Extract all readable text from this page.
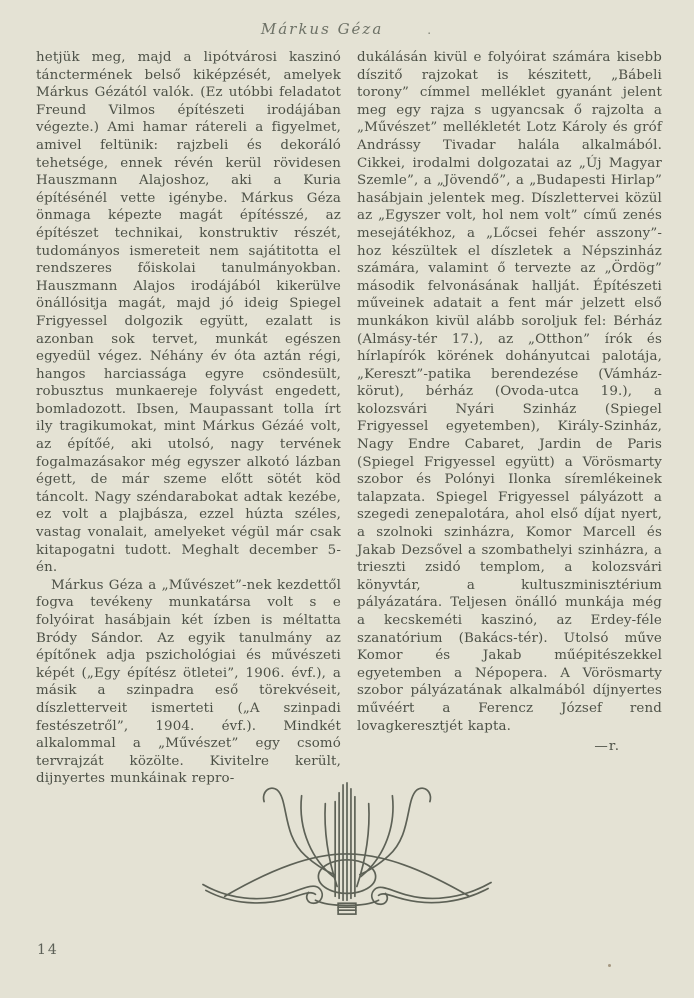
Márkus Géza	.

hetjük meg, majd a lipótvárosi kaszinó tánctermének belső kiképzését, amelyek Márkus Gézától valók. (Ez utóbbi feladatot Freund Vilmos építészeti irodájában végezte.) Ami hamar rátereli a figyelmet, amivel feltünik: rajzbeli és dekoráló tehetsége, ennek révén kerül rövidesen Hauszmann Alajoshoz, aki a Kuria építésénél vette igénybe. Márkus Géza önmaga képezte magát építésszé, az építészet technikai, konstruktiv részét, tudományos ismereteit nem sajátitotta el rendszeres főiskolai tanulmányokban. Hauszmann Alajos irodájából kikerülve önállósitja magát, majd jó ideig Spiegel Frigyessel dolgozik együtt, ezalatt is azonban sok tervet, munkát egészen egyedül végez. Néhány év óta aztán régi, hangos harciassága egyre csöndesült, robusztus munkaereje folyvást engedett, bomladozott. Ibsen, Maupassant tolla írt ily tragikumokat, mint Márkus Gézáé volt, az építőé, aki utolsó, nagy tervének fogalmazásakor még egyszer alkotó lázban égett, de már szeme előtt sötét köd táncolt. Nagy széndarabokat adtak kezébe, ez volt a plajbásza, ezzel húzta széles, vastag vonalait, amelyeket végül már csak kitapogatni tudott. Meghalt december 5-én.

Márkus Géza a „Művészet”-nek kezdettől fogva tevékeny munkatársa volt s e folyóirat hasábjain két ízben is méltatta Bródy Sándor. Az egyik tanulmány az építőnek adja pszichológiai és művészeti képét („Egy építész ötletei”, 1906. évf.), a másik a szinpadra eső törekvéseit, díszletterveit ismerteti („A szinpadi festészetről”, 1904. évf.). Mindkét alkalommal a „Művészet” egy csomó tervrajzát közölte. Kivitelre került, dijnyertes munkáinak repro-

dukálásán kivül e folyóirat számára kisebb díszitő rajzokat is készitett, „Bábeli torony” címmel melléklet gyanánt jelent meg egy rajza s ugyancsak ő rajzolta a „Művészet” mellékletét Lotz Károly és gróf Andrássy Tivadar halála alkalmából. Cikkei, irodalmi dolgozatai az „Új Magyar Szemle”, a „Jövendő”, a „Budapesti Hirlap” hasábjain jelentek meg. Díszlettervei közül az „Egyszer volt, hol nem volt” című zenés mesejátékhoz, a „Lőcsei fehér asszony”-hoz készültek el díszletek a Népszinház számára, valamint ő tervezte az „Ördög” második felvonásának hallját. Építészeti műveinek adatait a fent már jelzett első munkákon kivül alább soroljuk fel: Bérház (Almásy-tér 17.), az „Otthon” írók és hírlapírók körének dohányutcai palotája, „Kereszt”-patika berendezése (Vámház-körut), bérház (Ovoda-utca 19.), a kolozsvári Nyári Szinház (Spiegel Frigyessel egyetemben), Király-Szinház, Nagy Endre Cabaret, Jardin de Paris (Spiegel Frigyessel együtt) a Vörösmarty szobor és Polónyi Ilonka síremlékeinek talapzata. Spiegel Frigyessel pályázott a szegedi zenepalotára, ahol első díjat nyert, a szolnoki szinházra, Komor Marcell és Jakab Dezsővel a szombathelyi szinházra, a trieszti zsidó templom, a kolozsvári könyvtár, a kultuszminisztérium pályázatára. Teljesen önálló munkája még a kecskeméti kaszinó, az Erdey-féle szanatórium (Bakács-tér). Utolsó műve Komor és Jakab műépitészekkel egyetemben a Népopera. A Vörösmarty szobor pályázatának alkalmából díjnyertes művéért a Ferencz József rend lovagkeresztjét kapta.

—r.

14
